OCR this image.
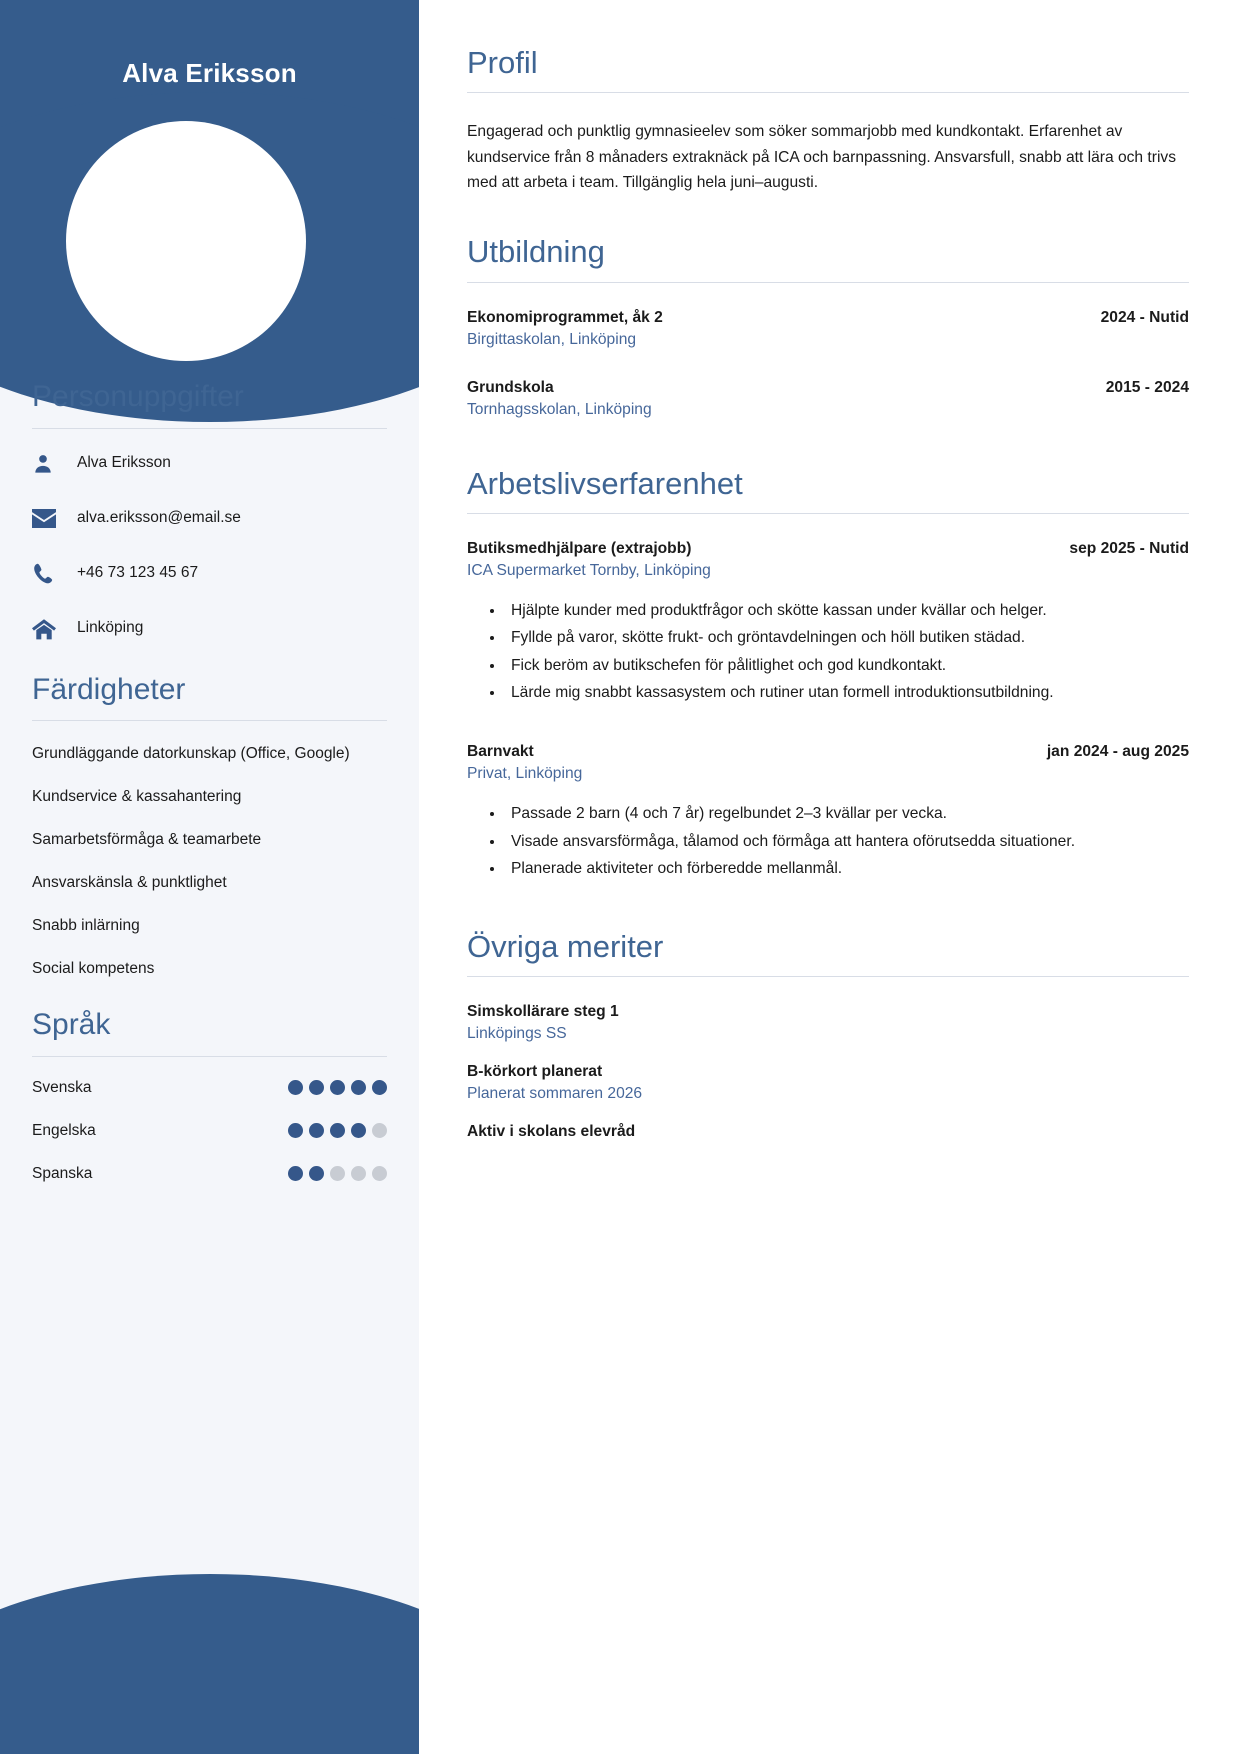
Alva Eriksson
Personuppgifter
Alva Eriksson
alva.eriksson@email.se
+46 73 123 45 67
Linköping
Färdigheter
Grundläggande datorkunskap (Office, Google)
Kundservice & kassahantering
Samarbetsförmåga & teamarbete
Ansvarskänsla & punktlighet
Snabb inlärning
Social kompetens
Språk
Svenska
Engelska
Spanska
Profil

Engagerad och punktlig gymnasieelev som söker sommarjobb med kundkontakt. Erfarenhet av kundservice från 8 månaders extraknäck på ICA och barnpassning. Ansvarsfull, snabb att lära och trivs med att arbeta i team. Tillgänglig hela juni–augusti.

Utbildning
Ekonomiprogrammet, åk 2	2024 - Nutid
Birgittaskolan, Linköping
Grundskola	2015 - 2024
Tornhagsskolan, Linköping
Arbetslivserfarenhet
Butiksmedhjälpare (extrajobb)	sep 2025 - Nutid
ICA Supermarket Tornby, Linköping
• Hjälpte kunder med produktfrågor och skötte kassan under kvällar och helger.
• Fyllde på varor, skötte frukt- och gröntavdelningen och höll butiken städad.
• Fick beröm av butikschefen för pålitlighet och god kundkontakt.
• Lärde mig snabbt kassasystem och rutiner utan formell introduktionsutbildning.
Barnvakt	jan 2024 - aug 2025
Privat, Linköping
• Passade 2 barn (4 och 7 år) regelbundet 2–3 kvällar per vecka.
• Visade ansvarsförmåga, tålamod och förmåga att hantera oförutsedda situationer.
• Planerade aktiviteter och förberedde mellanmål.
Övriga meriter
Simskollärare steg 1
Linköpings SS
B-körkort planerat
Planerat sommaren 2026
Aktiv i skolans elevråd
